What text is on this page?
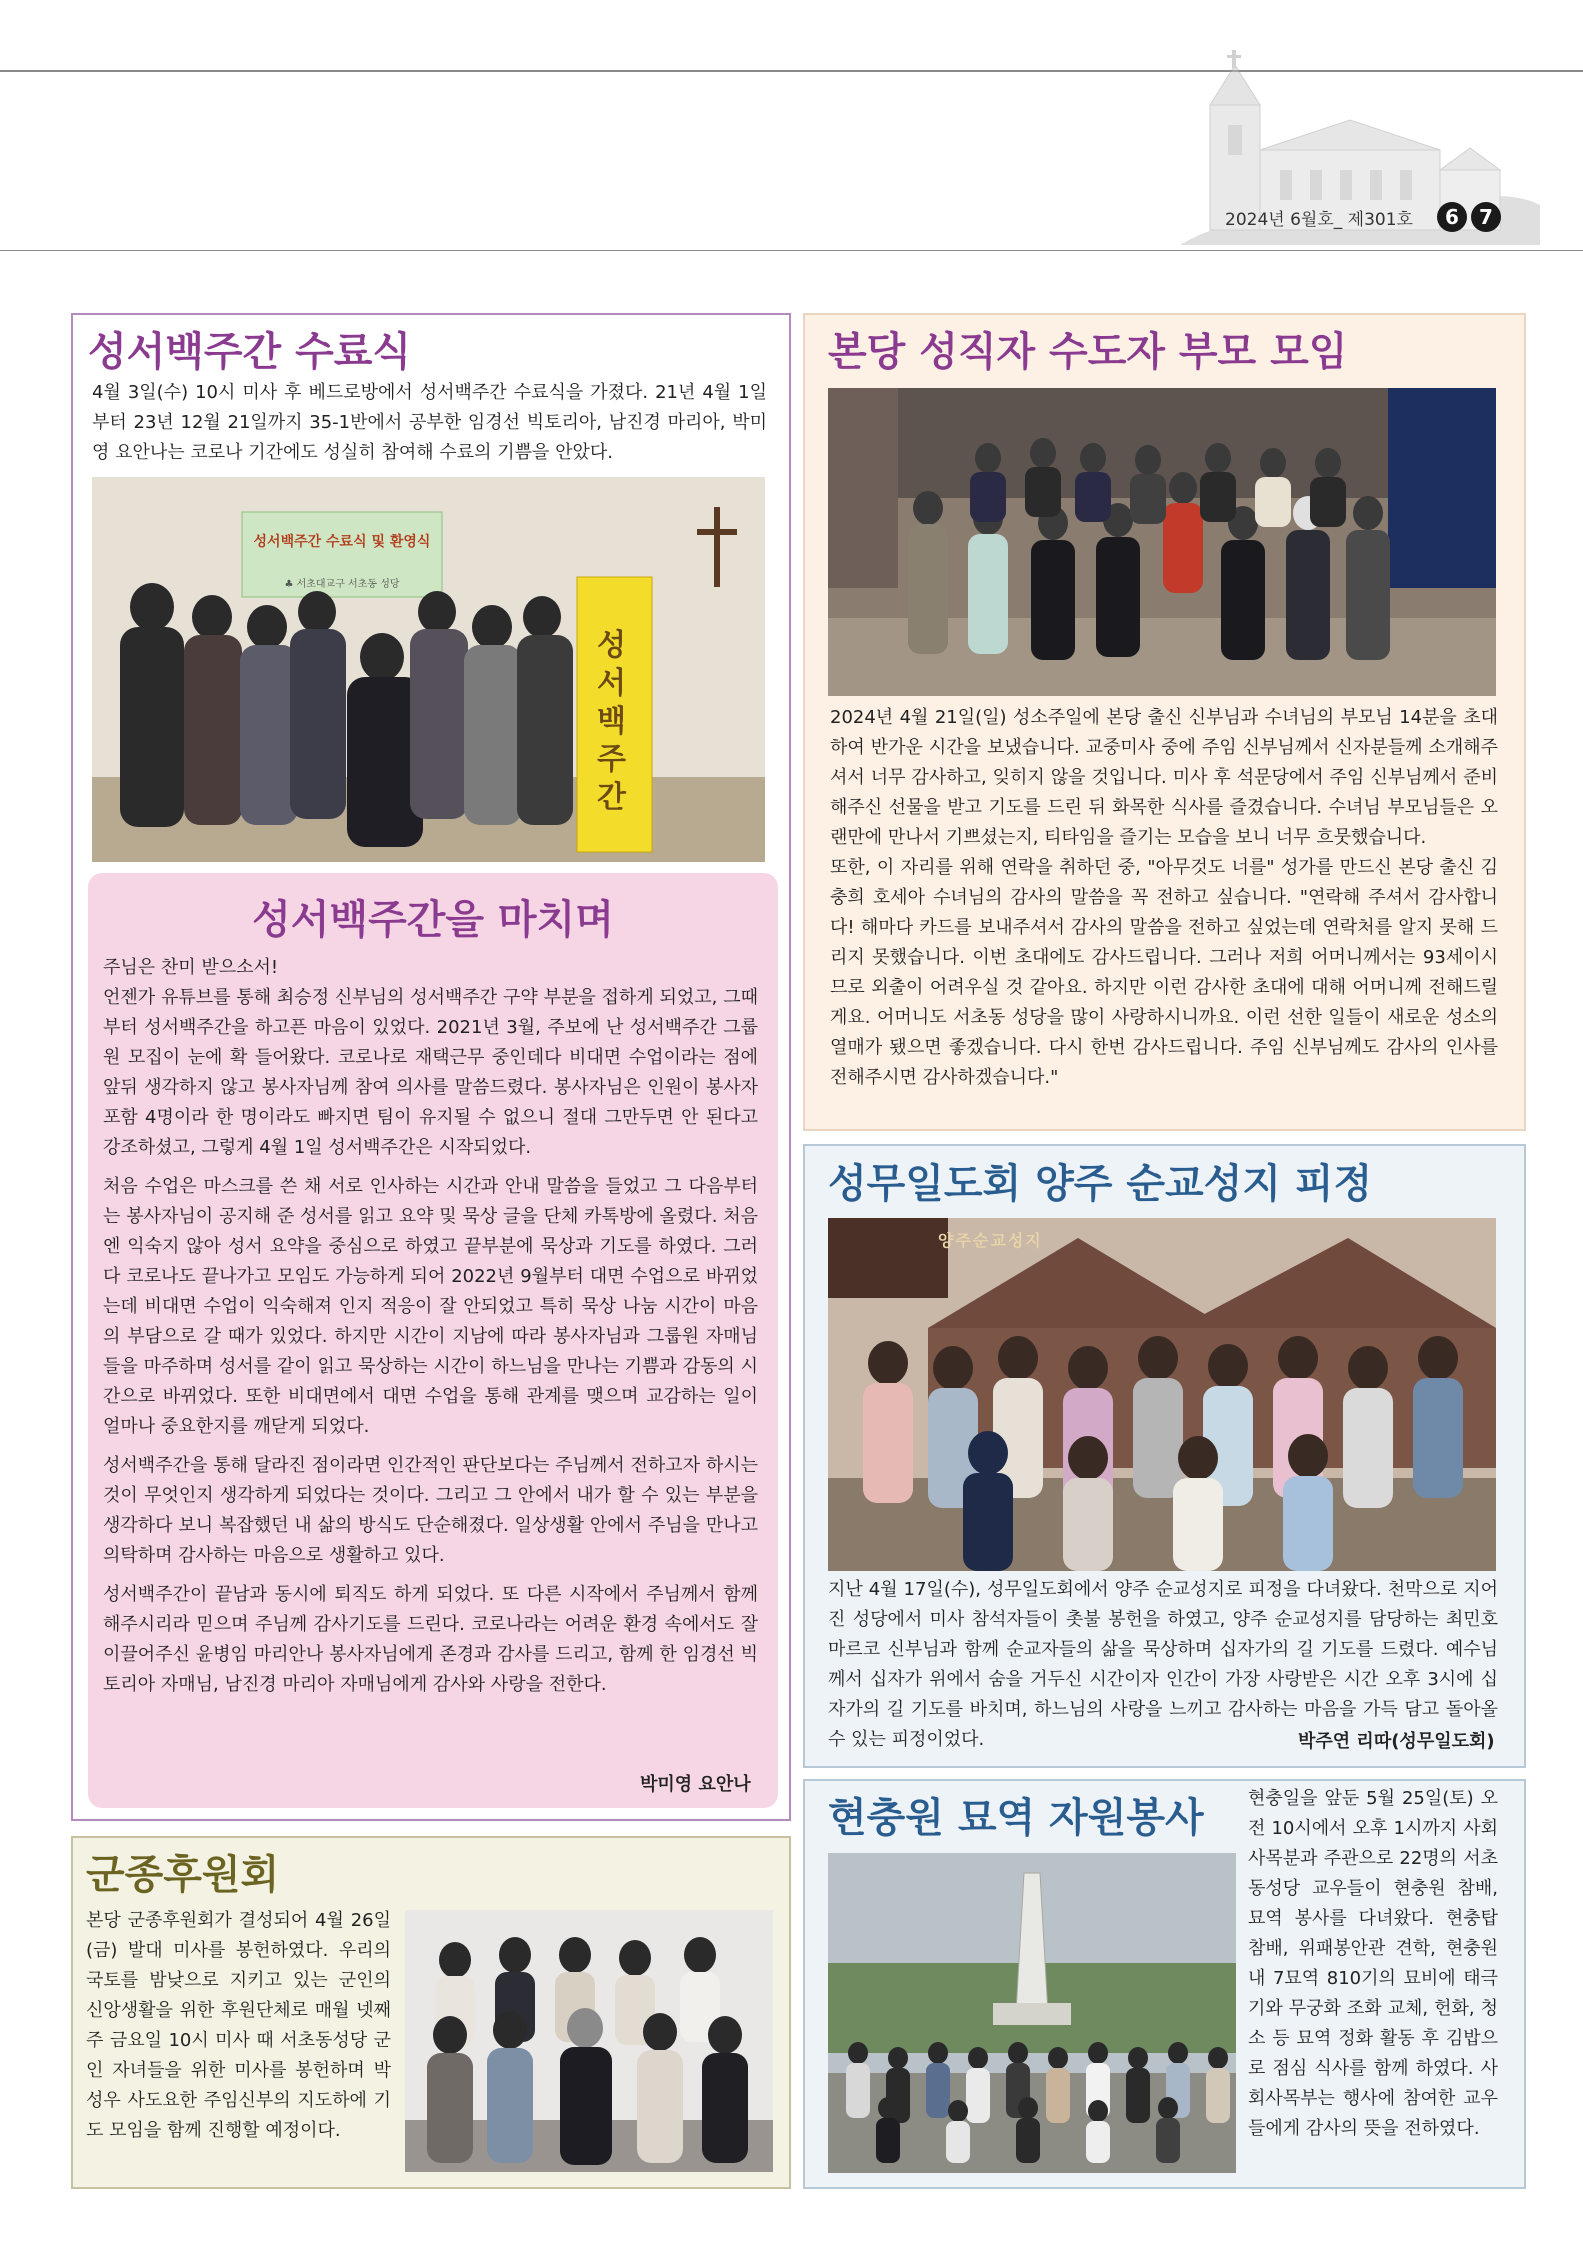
2024년 6월호_ 제301호	6	7
성서백주간 수료식
4월 3일(수) 10시 미사 후 베드로방에서 성서백주간 수료식을 가졌다. 21년 4월 1일부터 23년 12월 21일까지 35-1반에서 공부한 임경선 빅토리아, 남진경 마리아, 박미영 요안나는 코로나 기간에도 성실히 참여해 수료의 기쁨을 안았다.
성서백주간 수료식 및 환영식
♣ 서초대교구 서초동 성당
성서백주간
성서백주간을 마치며

주님은 찬미 받으소서!
언젠가 유튜브를 통해 최승정 신부님의 성서백주간 구약 부분을 접하게 되었고, 그때부터 성서백주간을 하고픈 마음이 있었다. 2021년 3월, 주보에 난 성서백주간 그룹원 모집이 눈에 확 들어왔다. 코로나로 재택근무 중인데다 비대면 수업이라는 점에 앞뒤 생각하지 않고 봉사자님께 참여 의사를 말씀드렸다. 봉사자님은 인원이 봉사자 포함 4명이라 한 명이라도 빠지면 팀이 유지될 수 없으니 절대 그만두면 안 된다고 강조하셨고, 그렇게 4월 1일 성서백주간은 시작되었다.

처음 수업은 마스크를 쓴 채 서로 인사하는 시간과 안내 말씀을 들었고 그 다음부터는 봉사자님이 공지해 준 성서를 읽고 요약 및 묵상 글을 단체 카톡방에 올렸다. 처음엔 익숙지 않아 성서 요약을 중심으로 하였고 끝부분에 묵상과 기도를 하였다. 그러다 코로나도 끝나가고 모임도 가능하게 되어 2022년 9월부터 대면 수업으로 바뀌었는데 비대면 수업이 익숙해져 인지 적응이 잘 안되었고 특히 묵상 나눔 시간이 마음의 부담으로 갈 때가 있었다. 하지만 시간이 지남에 따라 봉사자님과 그룹원 자매님들을 마주하며 성서를 같이 읽고 묵상하는 시간이 하느님을 만나는 기쁨과 감동의 시간으로 바뀌었다. 또한 비대면에서 대면 수업을 통해 관계를 맺으며 교감하는 일이 얼마나 중요한지를 깨닫게 되었다.

성서백주간을 통해 달라진 점이라면 인간적인 판단보다는 주님께서 전하고자 하시는 것이 무엇인지 생각하게 되었다는 것이다. 그리고 그 안에서 내가 할 수 있는 부분을 생각하다 보니 복잡했던 내 삶의 방식도 단순해졌다. 일상생활 안에서 주님을 만나고 의탁하며 감사하는 마음으로 생활하고 있다.

성서백주간이 끝남과 동시에 퇴직도 하게 되었다. 또 다른 시작에서 주님께서 함께 해주시리라 믿으며 주님께 감사기도를 드린다. 코로나라는 어려운 환경 속에서도 잘 이끌어주신 윤병임 마리안나 봉사자님에게 존경과 감사를 드리고, 함께 한 임경선 빅토리아 자매님, 남진경 마리아 자매님에게 감사와 사랑을 전한다.

박미영 요안나
군종후원회
본당 군종후원회가 결성되어 4월 26일(금) 발대 미사를 봉헌하였다. 우리의 국토를 밤낮으로 지키고 있는 군인의 신앙생활을 위한 후원단체로 매월 넷째 주 금요일 10시 미사 때 서초동성당 군인 자녀들을 위한 미사를 봉헌하며 박성우 사도요한 주임신부의 지도하에 기도 모임을 함께 진행할 예정이다.
본당 성직자 수도자 부모 모임

2024년 4월 21일(일) 성소주일에 본당 출신 신부님과 수녀님의 부모님 14분을 초대하여 반가운 시간을 보냈습니다. 교중미사 중에 주임 신부님께서 신자분들께 소개해주셔서 너무 감사하고, 잊히지 않을 것입니다. 미사 후 석문당에서 주임 신부님께서 준비해주신 선물을 받고 기도를 드린 뒤 화목한 식사를 즐겼습니다. 수녀님 부모님들은 오랜만에 만나서 기쁘셨는지, 티타임을 즐기는 모습을 보니 너무 흐뭇했습니다.

또한, 이 자리를 위해 연락을 취하던 중, "아무것도 너를" 성가를 만드신 본당 출신 김충희 호세아 수녀님의 감사의 말씀을 꼭 전하고 싶습니다. "연락해 주셔서 감사합니다! 해마다 카드를 보내주셔서 감사의 말씀을 전하고 싶었는데 연락처를 알지 못해 드리지 못했습니다. 이번 초대에도 감사드립니다. 그러나 저희 어머니께서는 93세이시므로 외출이 어려우실 것 같아요. 하지만 이런 감사한 초대에 대해 어머니께 전해드릴게요. 어머니도 서초동 성당을 많이 사랑하시니까요. 이런 선한 일들이 새로운 성소의 열매가 됐으면 좋겠습니다. 다시 한번 감사드립니다. 주임 신부님께도 감사의 인사를 전해주시면 감사하겠습니다."

성무일도회 양주 순교성지 피정
양주순교성지
지난 4월 17일(수), 성무일도회에서 양주 순교성지로 피정을 다녀왔다. 천막으로 지어진 성당에서 미사 참석자들이 촛불 봉헌을 하였고, 양주 순교성지를 담당하는 최민호 마르코 신부님과 함께 순교자들의 삶을 묵상하며 십자가의 길 기도를 드렸다. 예수님께서 십자가 위에서 숨을 거두신 시간이자 인간이 가장 사랑받은 시간 오후 3시에 십자가의 길 기도를 바치며, 하느님의 사랑을 느끼고 감사하는 마음을 가득 담고 돌아올 수 있는 피정이었다.	박주연 리따(성무일도회)
현충원 묘역 자원봉사 현충일을 앞둔 5월 25일(토) 오전 10시에서 오후 1시까지 사회사목분과 주관으로 22명의 서초동성당 교우들이 현충원 참배, 묘역 봉사를 다녀왔다. 현충탑 참배, 위패봉안관 견학, 현충원 내 7묘역 810기의 묘비에 태극기와 무궁화 조화 교체, 헌화, 청소 등 묘역 정화 활동 후 김밥으로 점심 식사를 함께 하였다. 사회사목부는 행사에 참여한 교우들에게 감사의 뜻을 전하였다.
